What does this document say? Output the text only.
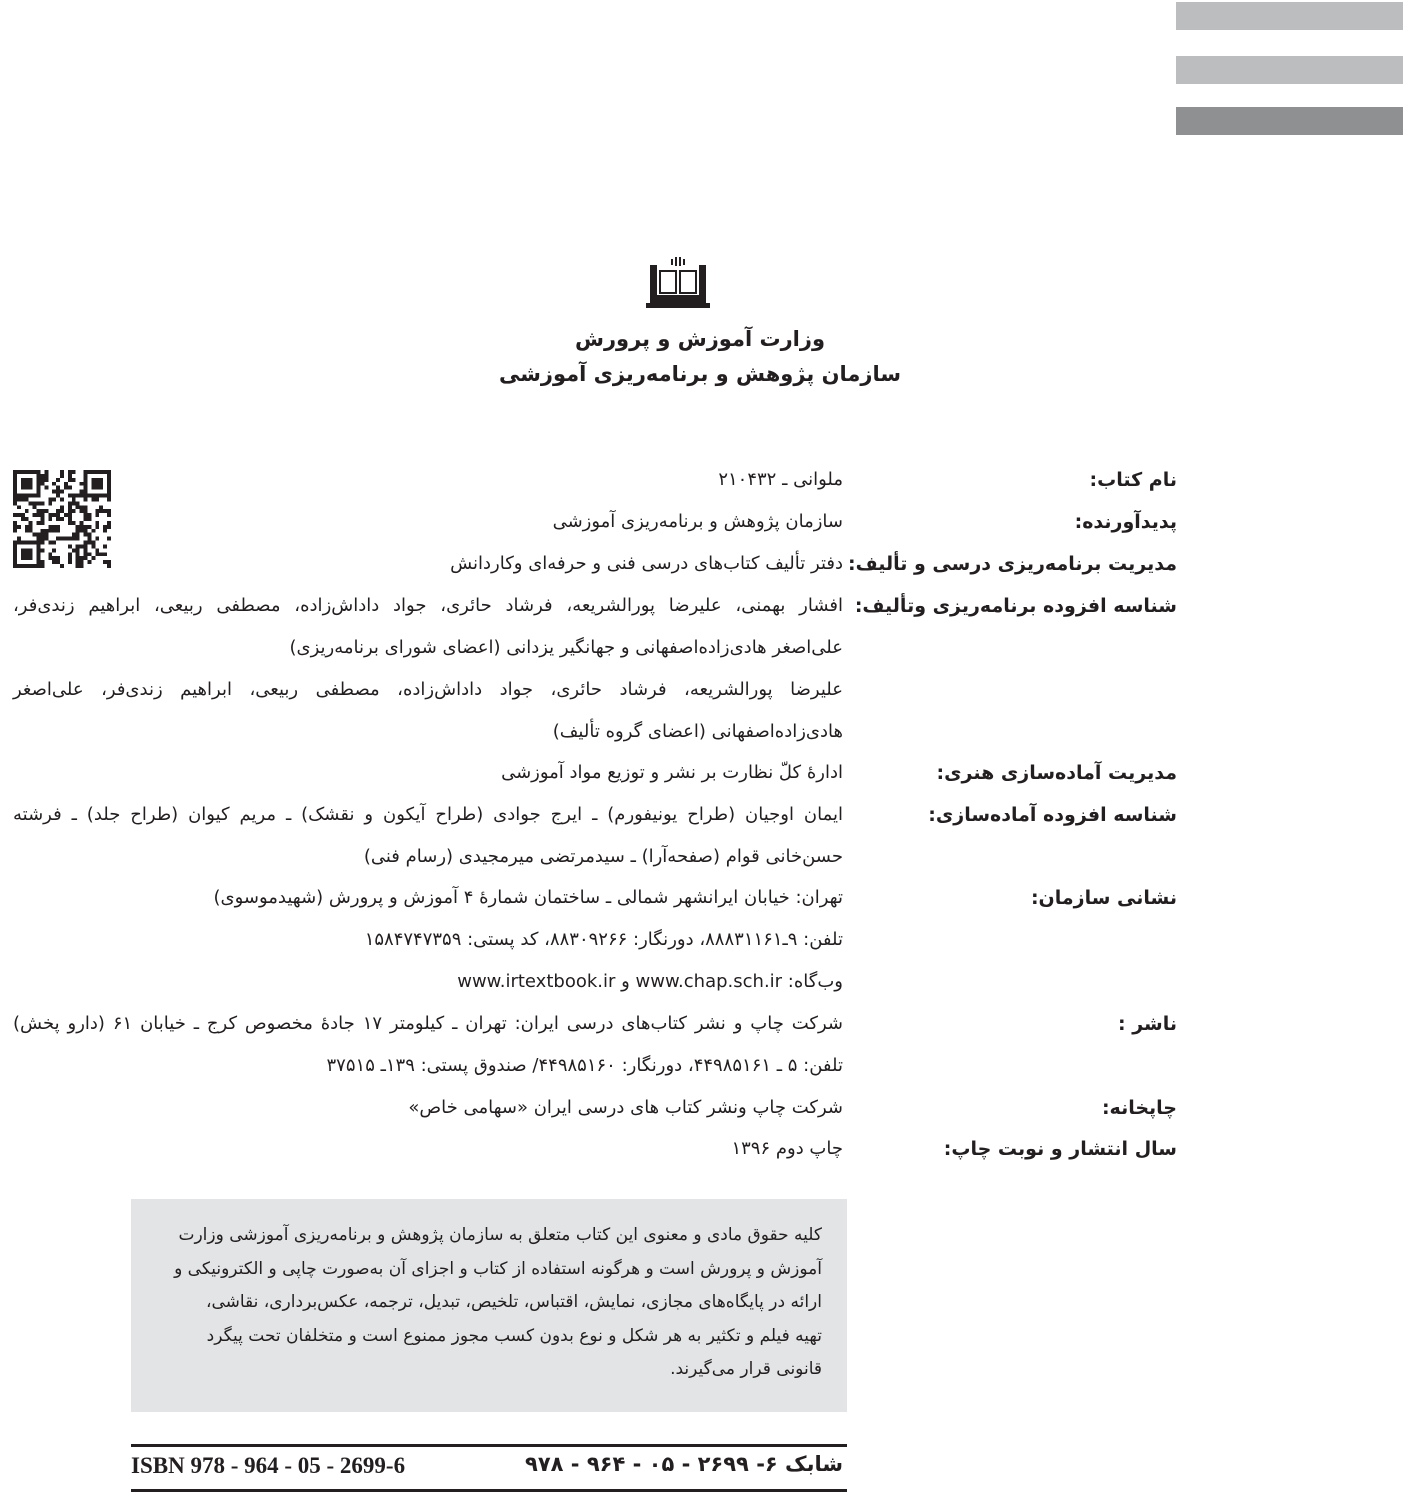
وزارت آموزش و پرورش
سازمان پژوهش و برنامه‌ریزی آموزشی
نام کتاب:
ملوانی ـ ۲۱۰۴۳۲
پدیدآورنده:
سازمان پژوهش و برنامه‌ریزی آموزشی
مدیریت برنامه‌ریزی درسی و تألیف:
دفتر تألیف کتاب‌های درسی فنی و حرفه‌ای وکاردانش
شناسه افزوده برنامه‌ریزی وتألیف:
افشار بهمنی، علیرضا پورالشریعه، فرشاد حائری، جواد داداش‌زاده، مصطفی ربیعی، ابراهیم زندی‌فر،
علی‌اصغر هادی‌زاده‌اصفهانی و جهانگیر یزدانی (اعضای شورای برنامه‌ریزی)
علیرضا پورالشریعه، فرشاد حائری، جواد داداش‌زاده، مصطفی ربیعی، ابراهیم زندی‌فر، علی‌اصغر
هادی‌زاده‌اصفهانی (اعضای گروه تألیف)
مدیریت آماده‌سازی هنری:
ادارهٔ کلّ نظارت بر نشر و توزیع مواد آموزشی
شناسه افزوده آماده‌سازی:
ایمان اوجیان (طراح یونیفورم) ـ ایرج جوادی (طراح آیکون و نقشک) ـ مریم کیوان (طراح جلد) ـ فرشته
حسن‌خانی قوام (صفحه‌آرا) ـ سیدمرتضی میرمجیدی (رسام فنی)
نشانی سازمان:
تهران: خیابان ایرانشهر شمالی ـ ساختمان شمارهٔ ۴ آموزش و پرورش (شهیدموسوی)
تلفن: ۹ـ۸۸۸۳۱۱۶۱، دورنگار: ۸۸۳۰۹۲۶۶، کد پستی: ۱۵۸۴۷۴۷۳۵۹
وب‌گاه: www.chap.sch.ir و www.irtextbook.ir
ناشر :
شرکت چاپ و نشر کتاب‌های درسی ایران: تهران ـ کیلومتر ۱۷ جادهٔ مخصوص کرج ـ خیابان ۶۱ (دارو پخش)
تلفن: ۵ ـ ۴۴۹۸۵۱۶۱، دورنگار: ۴۴۹۸۵۱۶۰/ صندوق پستی: ۱۳۹ـ ۳۷۵۱۵
چاپخانه:
شرکت چاپ ونشر کتاب های درسی ایران «سهامی خاص»
سال انتشار و نوبت چاپ:
چاپ دوم ۱۳۹۶

کلیه حقوق مادی و معنوی این کتاب متعلق به سازمان پژوهش و برنامه‌ریزی آموزشی وزارت
آموزش و پرورش است و هرگونه استفاده از کتاب و اجزای آن به‌صورت چاپی و الکترونیکی و
ارائه در پایگاه‌های مجازی، نمایش، اقتباس، تلخیص، تبدیل، ترجمه، عکس‌برداری، نقاشی،
تهیه فیلم و تکثیر به هر شکل و نوع بدون کسب مجوز ممنوع است و متخلفان تحت پیگرد
قانونی قرار می‌گیرند.

ISBN 978 - 964 - 05 - 2699-6	شابک ۶- ۲۶۹۹ - ۰۵ - ۹۶۴ - ۹۷۸
